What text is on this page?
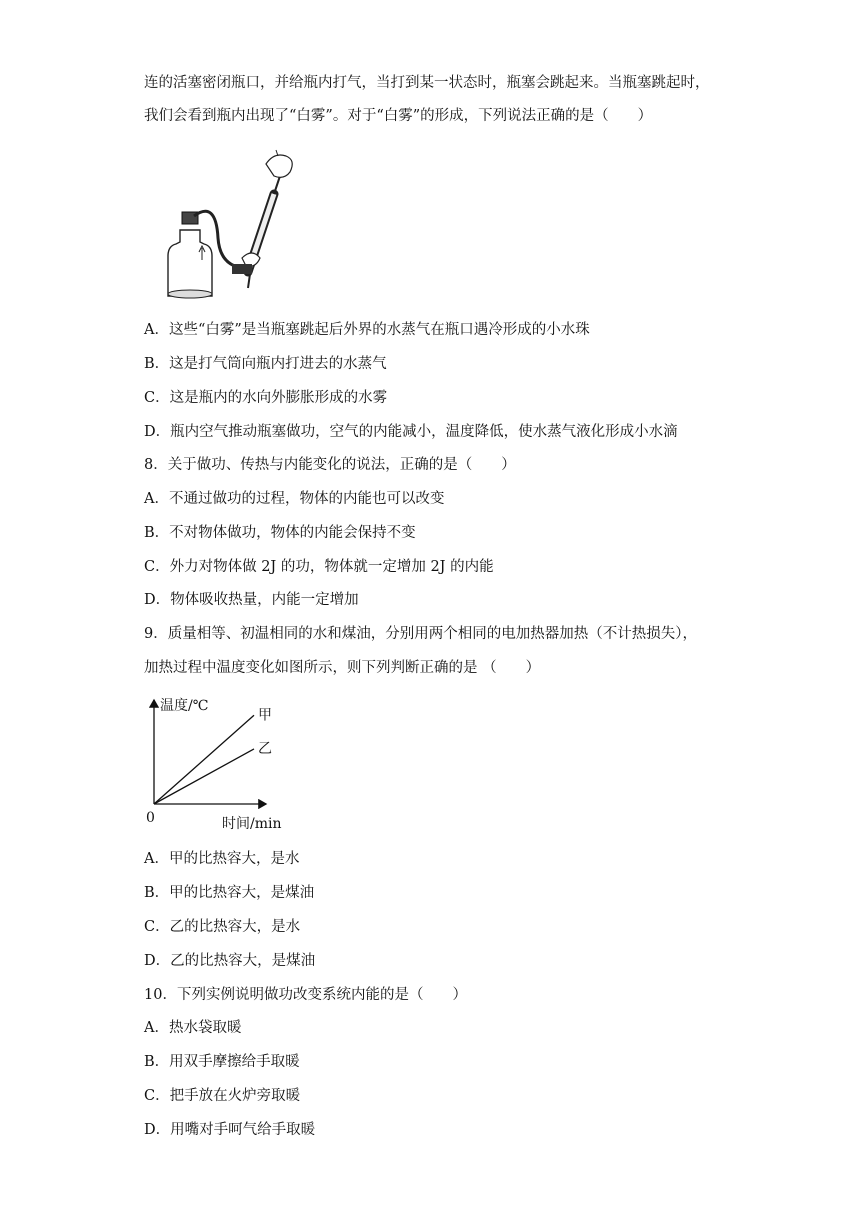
连的活塞密闭瓶口，并给瓶内打气，当打到某一状态时，瓶塞会跳起来。当瓶塞跳起时，
我们会看到瓶内出现了“白雾”。对于“白雾”的形成，下列说法正确的是（　　）
A．这些“白雾”是当瓶塞跳起后外界的水蒸气在瓶口遇冷形成的小水珠
B．这是打气筒向瓶内打进去的水蒸气
C．这是瓶内的水向外膨胀形成的水雾
D．瓶内空气推动瓶塞做功，空气的内能减小，温度降低，使水蒸气液化形成小水滴
8．关于做功、传热与内能变化的说法，正确的是（　　）
A．不通过做功的过程，物体的内能也可以改变
B．不对物体做功，物体的内能会保持不变
C．外力对物体做 2J 的功，物体就一定增加 2J 的内能
D．物体吸收热量，内能一定增加
9．质量相等、初温相同的水和煤油，分别用两个相同的电加热器加热（不计热损失），
加热过程中温度变化如图所示，则下列判断正确的是 （　　）
温度/℃
时间/min
0
甲
乙
A．甲的比热容大，是水
B．甲的比热容大，是煤油
C．乙的比热容大，是水
D．乙的比热容大，是煤油
10．下列实例说明做功改变系统内能的是（　　）
A．热水袋取暖
B．用双手摩擦给手取暖
C．把手放在火炉旁取暖
D．用嘴对手呵气给手取暖
